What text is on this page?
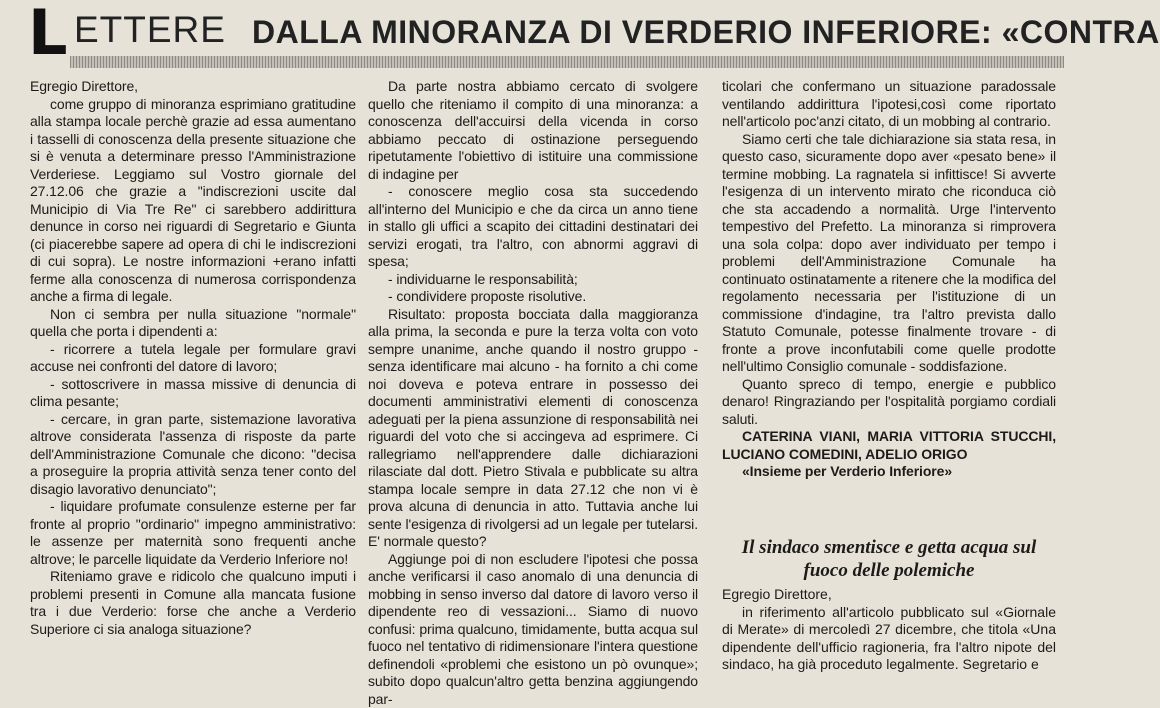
L ETTERE DALLA MINORANZA DI VERDERIO INFERIORE: «CONTRA

Egregio Direttore,

come gruppo di minoranza esprimiano gratitudine alla stampa locale perchè grazie ad essa aumentano i tasselli di conoscenza della presente situazione che si è venuta a determinare presso l'Amministrazione Verderiese. Leggiamo sul Vostro giornale del 27.12.06 che grazie a "indiscrezioni uscite dal Municipio di Via Tre Re" ci sarebbero addirittura denunce in corso nei riguardi di Segretario e Giunta (ci piacerebbe sapere ad opera di chi le indiscrezioni di cui sopra). Le nostre informazioni +erano infatti ferme alla conoscenza di numerosa corrispondenza anche a firma di legale.

Non ci sembra per nulla situazione "normale" quella che porta i dipendenti a:

- ricorrere a tutela legale per formulare gravi accuse nei confronti del datore di lavoro;

- sottoscrivere in massa missive di denuncia di clima pesante;

- cercare, in gran parte, sistemazione lavorativa altrove considerata l'assenza di risposte da parte dell'Amministrazione Comunale che dicono: "decisa a proseguire la propria attività senza tener conto del disagio lavorativo denunciato";

- liquidare profumate consulenze esterne per far fronte al proprio "ordinario" impegno amministrativo: le assenze per maternità sono frequenti anche altrove; le parcelle liquidate da Verderio Inferiore no!

Riteniamo grave e ridicolo che qualcuno imputi i problemi presenti in Comune alla mancata fusione tra i due Verderio: forse che anche a Verderio Superiore ci sia analoga situazione?

Da parte nostra abbiamo cercato di svolgere quello che riteniamo il compito di una minoranza: a conoscenza dell'accuirsi della vicenda in corso abbiamo peccato di ostinazione perseguendo ripetutamente l'obiettivo di istituire una commissione di indagine per

- conoscere meglio cosa sta succedendo all'interno del Municipio e che da circa un anno tiene in stallo gli uffici a scapito dei cittadini destinatari dei servizi erogati, tra l'altro, con abnormi aggravi di spesa;

- individuarne le responsabilità;

- condividere proposte risolutive.

Risultato: proposta bocciata dalla maggioranza alla prima, la seconda e pure la terza volta con voto sempre unanime, anche quando il nostro gruppo - senza identificare mai alcuno - ha fornito a chi come noi doveva e poteva entrare in possesso dei documenti amministrativi elementi di conoscenza adeguati per la piena assunzione di responsabilità nei riguardi del voto che si accingeva ad esprimere. Ci rallegriamo nell'apprendere dalle dichiarazioni rilasciate dal dott. Pietro Stivala e pubblicate su altra stampa locale sempre in data 27.12 che non vi è prova alcuna di denuncia in atto. Tuttavia anche lui sente l'esigenza di rivolgersi ad un legale per tutelarsi. E' normale questo?

Aggiunge poi di non escludere l'ipotesi che possa anche verificarsi il caso anomalo di una denuncia di mobbing in senso inverso dal datore di lavoro verso il dipendente reo di vessazioni... Siamo di nuovo confusi: prima qualcuno, timidamente, butta acqua sul fuoco nel tentativo di ridimensionare l'intera questione definendoli «problemi che esistono un pò ovunque»; subito dopo qualcun'altro getta benzina aggiungendo par-

ticolari che confermano un situazione paradossale ventilando addirittura l'ipotesi,così come riportato nell'articolo poc'anzi citato, di un mobbing al contrario.

Siamo certi che tale dichiarazione sia stata resa, in questo caso, sicuramente dopo aver «pesato bene» il termine mobbing. La ragnatela si infittisce! Si avverte l'esigenza di un intervento mirato che riconduca ciò che sta accadendo a normalità. Urge l'intervento tempestivo del Prefetto. La minoranza si rimprovera una sola colpa: dopo aver individuato per tempo i problemi dell'Amministrazione Comunale ha continuato ostinatamente a ritenere che la modifica del regolamento necessaria per l'istituzione di un commissione d'indagine, tra l'altro prevista dallo Statuto Comunale, potesse finalmente trovare - di fronte a prove inconfutabili come quelle prodotte nell'ultimo Consiglio comunale - soddisfazione.

Quanto spreco di tempo, energie e pubblico denaro! Ringraziando per l'ospitalità porgiamo cordiali saluti.

CATERINA VIANI, MARIA VITTORIA STUCCHI, LUCIANO COMEDINI, ADELIO ORIGO

«Insieme per Verderio Inferiore»

Il sindaco smentisce e getta acqua sul fuoco delle polemiche

Egregio Direttore,

in riferimento all'articolo pubblicato sul «Giornale di Merate» di mercoledì 27 dicembre, che titola «Una dipendente dell'ufficio ragioneria, fra l'altro nipote del sindaco, ha già proceduto legalmente. Segretario e
